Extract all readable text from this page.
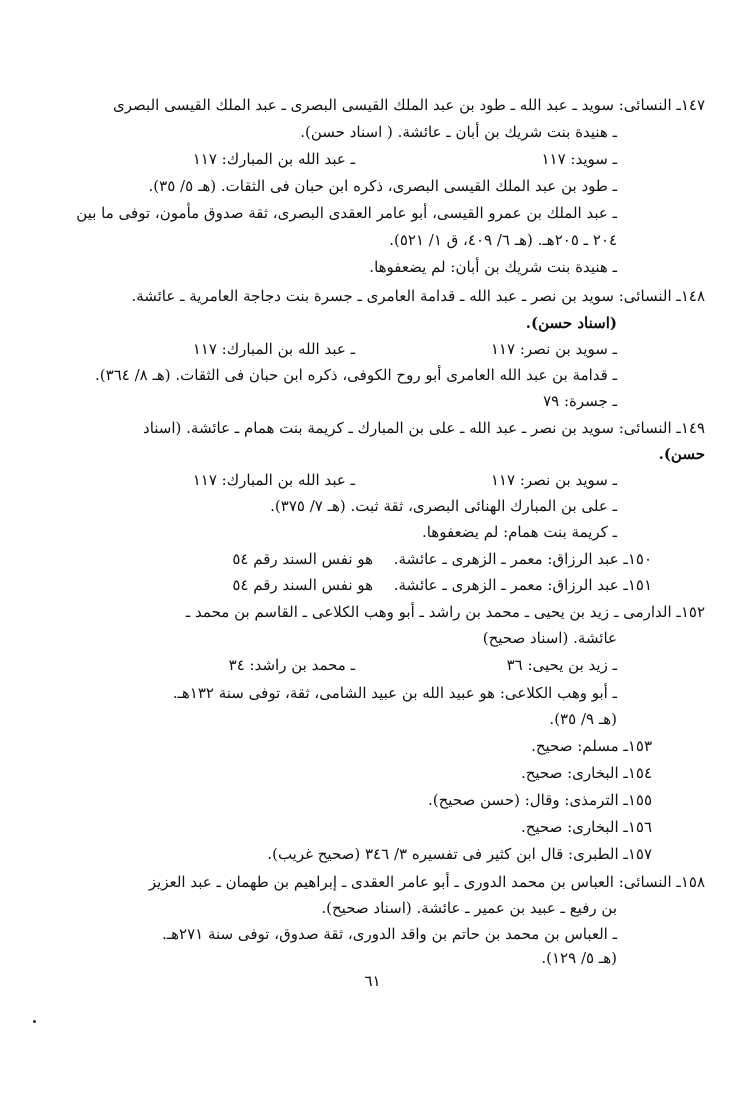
١٤٧ـ النسائى: سويد ـ عبد الله ـ طود بن عبد الملك القيسى البصرى ـ عبد الملك القيسى البصرى
ـ هنيدة بنت شريك بن أبان ـ عائشة. ( اسناد حسن).
ـ سويد: ١١٧
ـ عبد الله بن المبارك: ١١٧
ـ طود بن عبد الملك القيسى البصرى، ذكره ابن حبان فى الثقات. (هـ ٥/ ٣٥).
ـ عبد الملك بن عمرو القيسى، أبو عامر العقدى البصرى، ثقة صدوق مأمون، توفى ما بين
٢٠٤ ـ ٢٠٥هـ. (هـ ٦/ ٤٠٩، ق ١/ ٥٢١).
ـ هنيدة بنت شريك بن أبان: لم يضعفوها.
١٤٨ـ النسائى: سويد بن نصر ـ عبد الله ـ قدامة العامرى ـ جسرة بنت دجاجة العامرية ـ عائشة.
(اسناد حسن).
ـ سويد بن نصر: ١١٧
ـ عبد الله بن المبارك: ١١٧
ـ قدامة بن عبد الله العامرى أبو روح الكوفى، ذكره ابن حبان فى الثقات. (هـ ٨/ ٣٦٤).
ـ جسرة: ٧٩
١٤٩ـ النسائى: سويد بن نصر ـ عبد الله ـ على بن المبارك ـ كريمة بنت همام ـ عائشة. (اسناد
حسن).
ـ سويد بن نصر: ١١٧
ـ عبد الله بن المبارك: ١١٧
ـ على بن المبارك الهنائى البصرى، ثقة ثبت. (هـ ٧/ ٣٧٥).
ـ كريمة بنت همام: لم يضعفوها.
١٥٠ـ عبد الرزاق: معمر ـ الزهرى ـ عائشة.
هو نفس السند رقم ٥٤
١٥١ـ عبد الرزاق: معمر ـ الزهرى ـ عائشة.
هو نفس السند رقم ٥٤
١٥٢ـ الدارمى ـ زيد بن يحيى ـ محمد بن راشد ـ أبو وهب الكلاعى ـ القاسم بن محمد ـ
عائشة. (اسناد صحيح)
ـ زيد بن يحيى: ٣٦
ـ محمد بن راشد: ٣٤
ـ أبو وهب الكلاعى: هو عبيد الله بن عبيد الشامى، ثقة، توفى سنة ١٣٢هـ.
(هـ ٩/ ٣٥).
١٥٣ـ مسلم: صحيح.
١٥٤ـ البخارى: صحيح.
١٥٥ـ الترمذى: وقال: (حسن صحيح).
١٥٦ـ البخارى: صحيح.
١٥٧ـ الطبرى: قال ابن كثير فى تفسيره ٣/ ٣٤٦ (صحيح غريب).
١٥٨ـ النسائى: العباس بن محمد الدورى ـ أبو عامر العقدى ـ إبراهيم بن طهمان ـ عبد العزيز
بن رفيع ـ عبيد بن عمير ـ عائشة. (اسناد صحيح).
ـ العباس بن محمد بن حاتم بن واقد الدورى، ثقة صدوق، توفى سنة ٢٧١هـ.
(هـ ٥/ ١٢٩).
٦١
